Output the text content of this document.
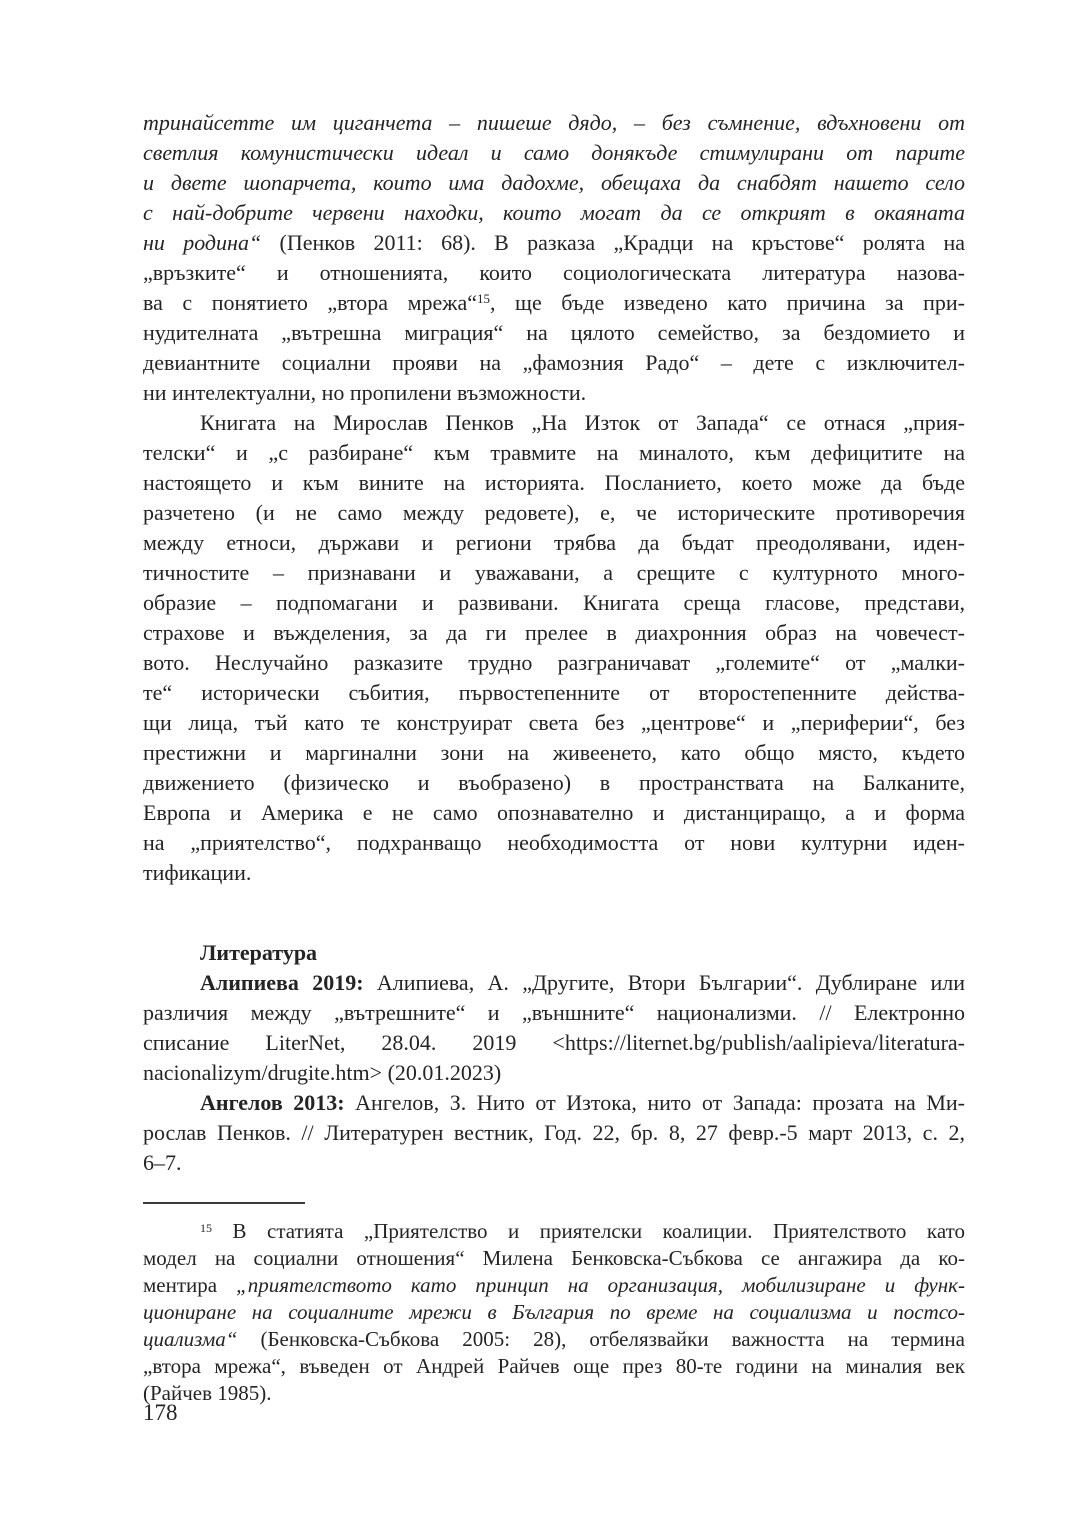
тринайсетте им циганчета – пишеше дядо, – без съмнение, вдъхновени от
светлия комунистически идеал и само донякъде стимулирани от парите
и двете шопарчета, които има дадохме, обещаха да снабдят нашето село
с най-добрите червени находки, които могат да се открият в окаяната
ни родина“ (Пенков 2011: 68). В разказа „Крадци на кръстове“ ролята на
„връзките“ и отношенията, които социологическата литература назова-
ва с понятието „втора мрежа“$^{15}$, ще бъде изведено като причина за при-
нудителната „вътрешна миграция“ на цялото семейство, за бездомието и
девиантните социални прояви на „фамозния Радо“ – дете с изключител-
ни интелектуални, но пропилени възможности.
Книгата на Мирослав Пенков „На Изток от Запада“ се отнася „прия-
телски“ и „с разбиране“ към травмите на миналото, към дефицитите на
настоящето и към вините на историята. Посланието, което може да бъде
разчетено (и не само между редовете), е, че историческите противоречия
между етноси, държави и региони трябва да бъдат преодолявани, иден-
тичностите – признавани и уважавани, а срещите с културното много-
образие – подпомагани и развивани. Книгата среща гласове, представи,
страхове и въжделения, за да ги прелее в диахронния образ на човечест-
вото. Неслучайно разказите трудно разграничават „големите“ от „малки-
те“ исторически събития, първостепенните от второстепенните действа-
щи лица, тъй като те конструират света без „центрове“ и „периферии“, без
престижни и маргинални зони на живеенето, като общо място, където
движението (физическо и въобразено) в пространствата на Балканите,
Европа и Америка е не само опознавателно и дистанциращо, а и форма
на „приятелство“, подхранващо необходимостта от нови културни иден-
тификации.
Литература
Алипиева 2019: Алипиева, А. „Другите, Втори Българии“. Дублиране или
различия между „вътрешните“ и „външните“ национализми. // Електронно
списание LiterNet, 28.04. 2019 <https://liternet.bg/publish/aalipieva/literatura-
nacionalizym/drugite.htm> (20.01.2023)
Ангелов 2013: Ангелов, З. Нито от Изтока, нито от Запада: прозата на Ми-
рослав Пенков. // Литературен вестник, Год. 22, бр. 8, 27 февр.-5 март 2013, с. 2,
6–7.
$^{15}$ В статията „Приятелство и приятелски коалиции. Приятелството като
модел на социални отношения“ Милена Бенковска-Събкова се ангажира да ко-
ментира „приятелството като принцип на организация, мобилизиране и функ-
циониране на социалните мрежи в България по време на социализма и постсо-
циализма“ (Бенковска-Събкова 2005: 28), отбелязвайки важността на термина
„втора мрежа“, въведен от Андрей Райчев още през 80-те години на миналия век
(Райчев 1985).
178
